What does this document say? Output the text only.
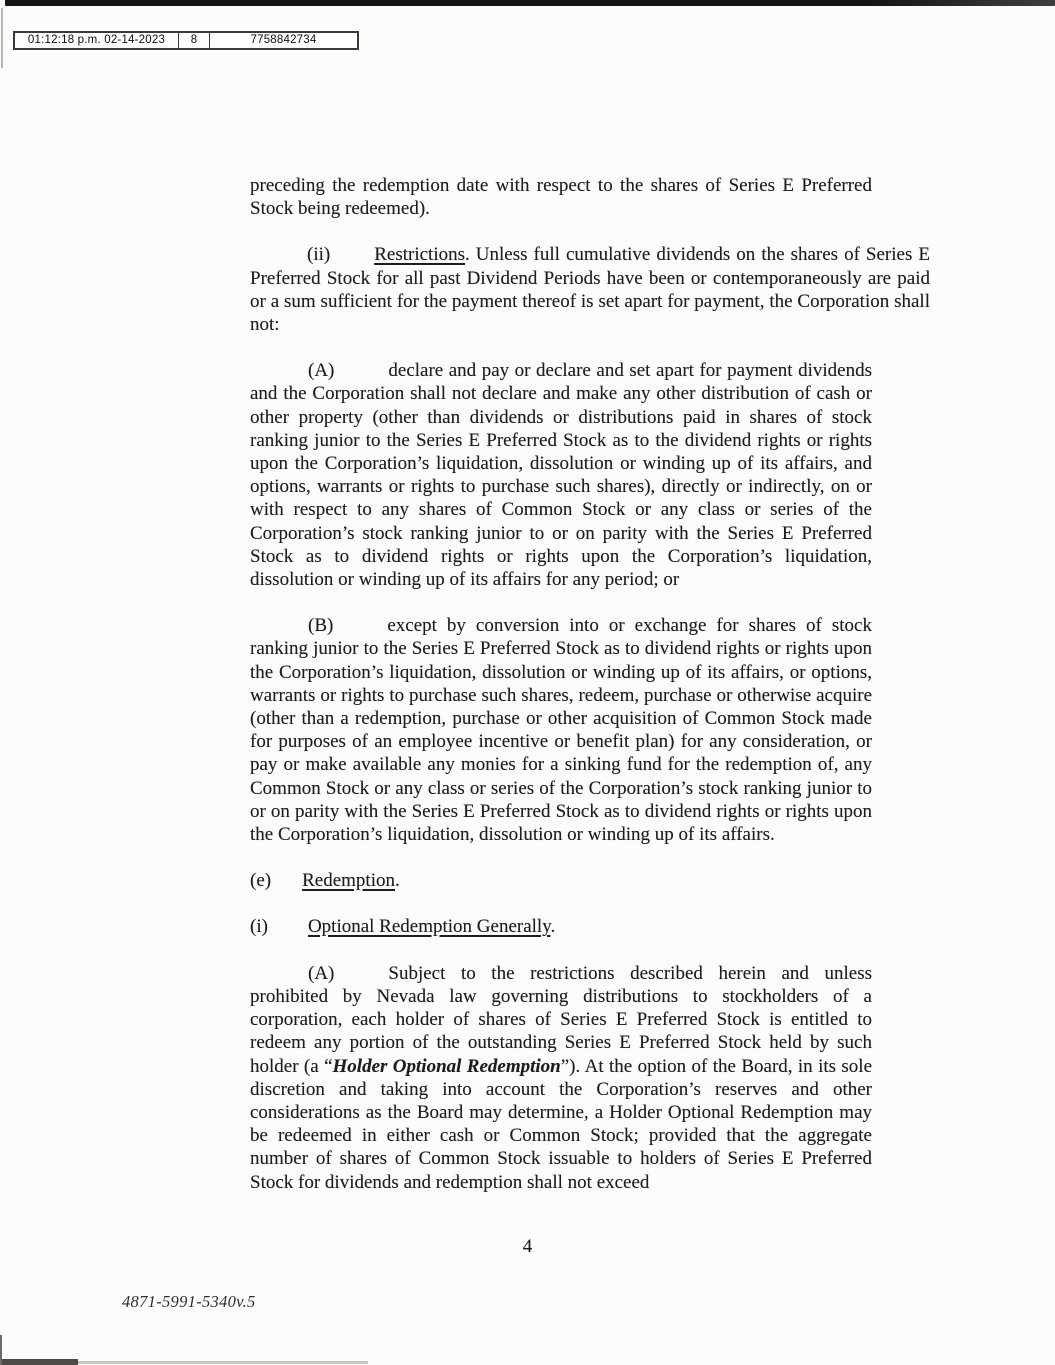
01:12:18 p.m. 02-14-2023	8	7758842734

preceding the redemption date with respect to the shares of Series E Preferred Stock being redeemed).

(ii) Restrictions. Unless full cumulative dividends on the shares of Series E Preferred Stock for all past Dividend Periods have been or contemporaneously are paid or a sum sufficient for the payment thereof is set apart for payment, the Corporation shall not:

(A)	declare and pay or declare and set apart for payment dividends and the Corporation shall not declare and make any other distribution of cash or other property (other than dividends or distributions paid in shares of stock ranking junior to the Series E Preferred Stock as to the dividend rights or rights upon the Corporation’s liquidation, dissolution or winding up of its affairs, and options, warrants or rights to purchase such shares), directly or indirectly, on or with respect to any shares of Common Stock or any class or series of the Corporation’s stock ranking junior to or on parity with the Series E Preferred Stock as to dividend rights or rights upon the Corporation’s liquidation, dissolution or winding up of its affairs for any period; or

(B)	except by conversion into or exchange for shares of stock ranking junior to the Series E Preferred Stock as to dividend rights or rights upon the Corporation’s liquidation, dissolution or winding up of its affairs, or options, warrants or rights to purchase such shares, redeem, purchase or otherwise acquire (other than a redemption, purchase or other acquisition of Common Stock made for purposes of an employee incentive or benefit plan) for any consideration, or pay or make available any monies for a sinking fund for the redemption of, any Common Stock or any class or series of the Corporation’s stock ranking junior to or on parity with the Series E Preferred Stock as to dividend rights or rights upon the Corporation’s liquidation, dissolution or winding up of its affairs.

(e) Redemption.

(i) Optional Redemption Generally.

(A)	Subject to the restrictions described herein and unless prohibited by Nevada law governing distributions to stockholders of a corporation, each holder of shares of Series E Preferred Stock is entitled to redeem any portion of the outstanding Series E Preferred Stock held by such holder (a “Holder Optional Redemption”). At the option of the Board, in its sole discretion and taking into account the Corporation’s reserves and other considerations as the Board may determine, a Holder Optional Redemption may be redeemed in either cash or Common Stock; provided that the aggregate number of shares of Common Stock issuable to holders of Series E Preferred Stock for dividends and redemption shall not exceed

4
4871-5991-5340v.5
